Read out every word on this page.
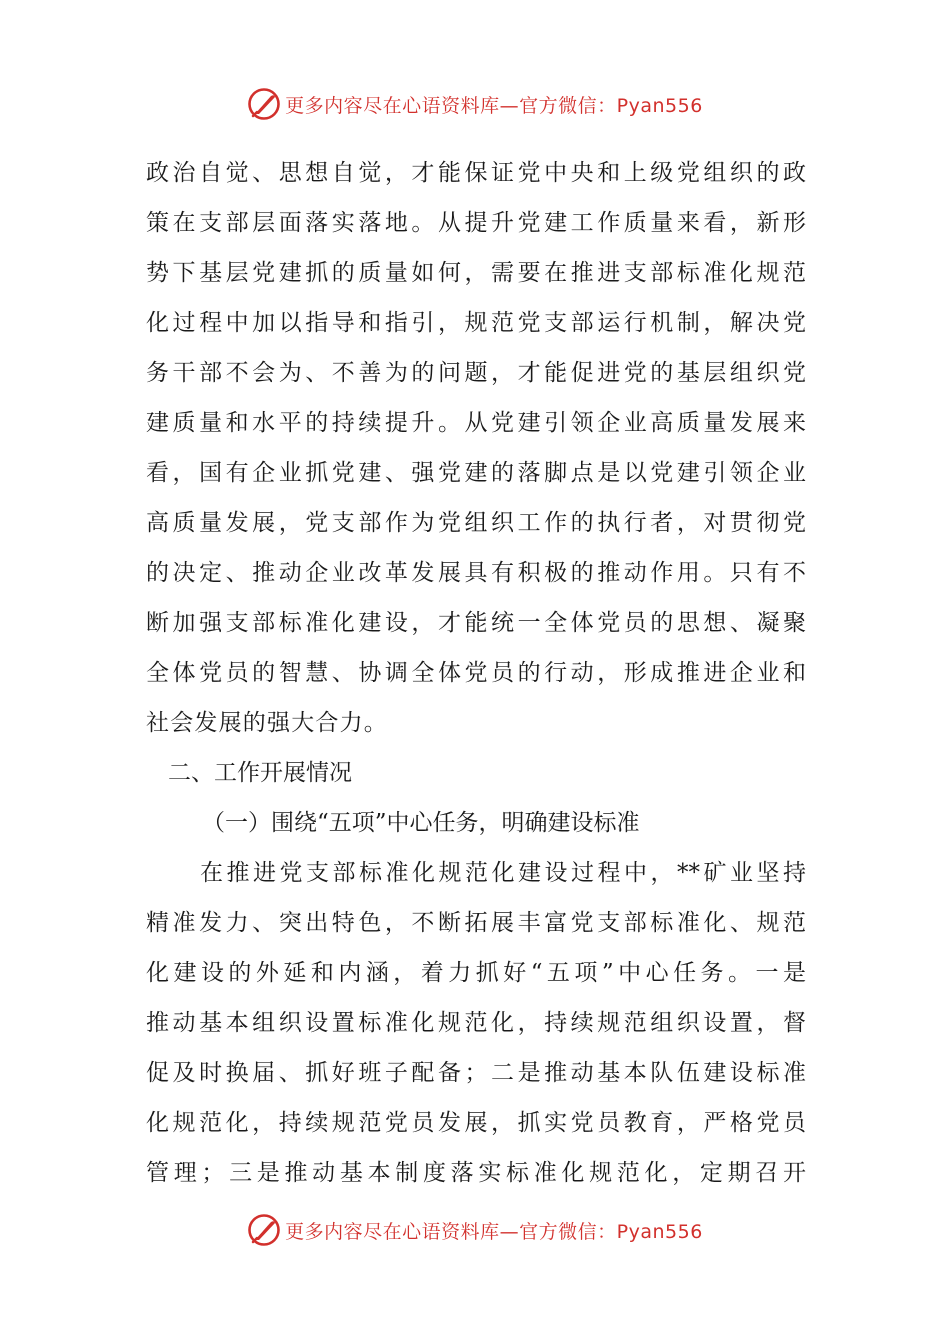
更多内容尽在心语资料库—官方微信：Pyan556
政治自觉、思想自觉，才能保证党中央和上级党组织的政
策在支部层面落实落地。从提升党建工作质量来看，新形
势下基层党建抓的质量如何，需要在推进支部标准化规范
化过程中加以指导和指引，规范党支部运行机制，解决党
务干部不会为、不善为的问题，才能促进党的基层组织党
建质量和水平的持续提升。从党建引领企业高质量发展来
看，国有企业抓党建、强党建的落脚点是以党建引领企业
高质量发展，党支部作为党组织工作的执行者，对贯彻党
的决定、推动企业改革发展具有积极的推动作用。只有不
断加强支部标准化建设，才能统一全体党员的思想、凝聚
全体党员的智慧、协调全体党员的行动，形成推进企业和
社会发展的强大合力。
二、工作开展情况
（一）围绕“五项”中心任务，明确建设标准
在推进党支部标准化规范化建设过程中，**矿业坚持
精准发力、突出特色，不断拓展丰富党支部标准化、规范
化建设的外延和内涵，着力抓好“五项”中心任务。一是
推动基本组织设置标准化规范化，持续规范组织设置，督
促及时换届、抓好班子配备；二是推动基本队伍建设标准
化规范化，持续规范党员发展，抓实党员教育，严格党员
管理；三是推动基本制度落实标准化规范化，定期召开
更多内容尽在心语资料库—官方微信：Pyan556
